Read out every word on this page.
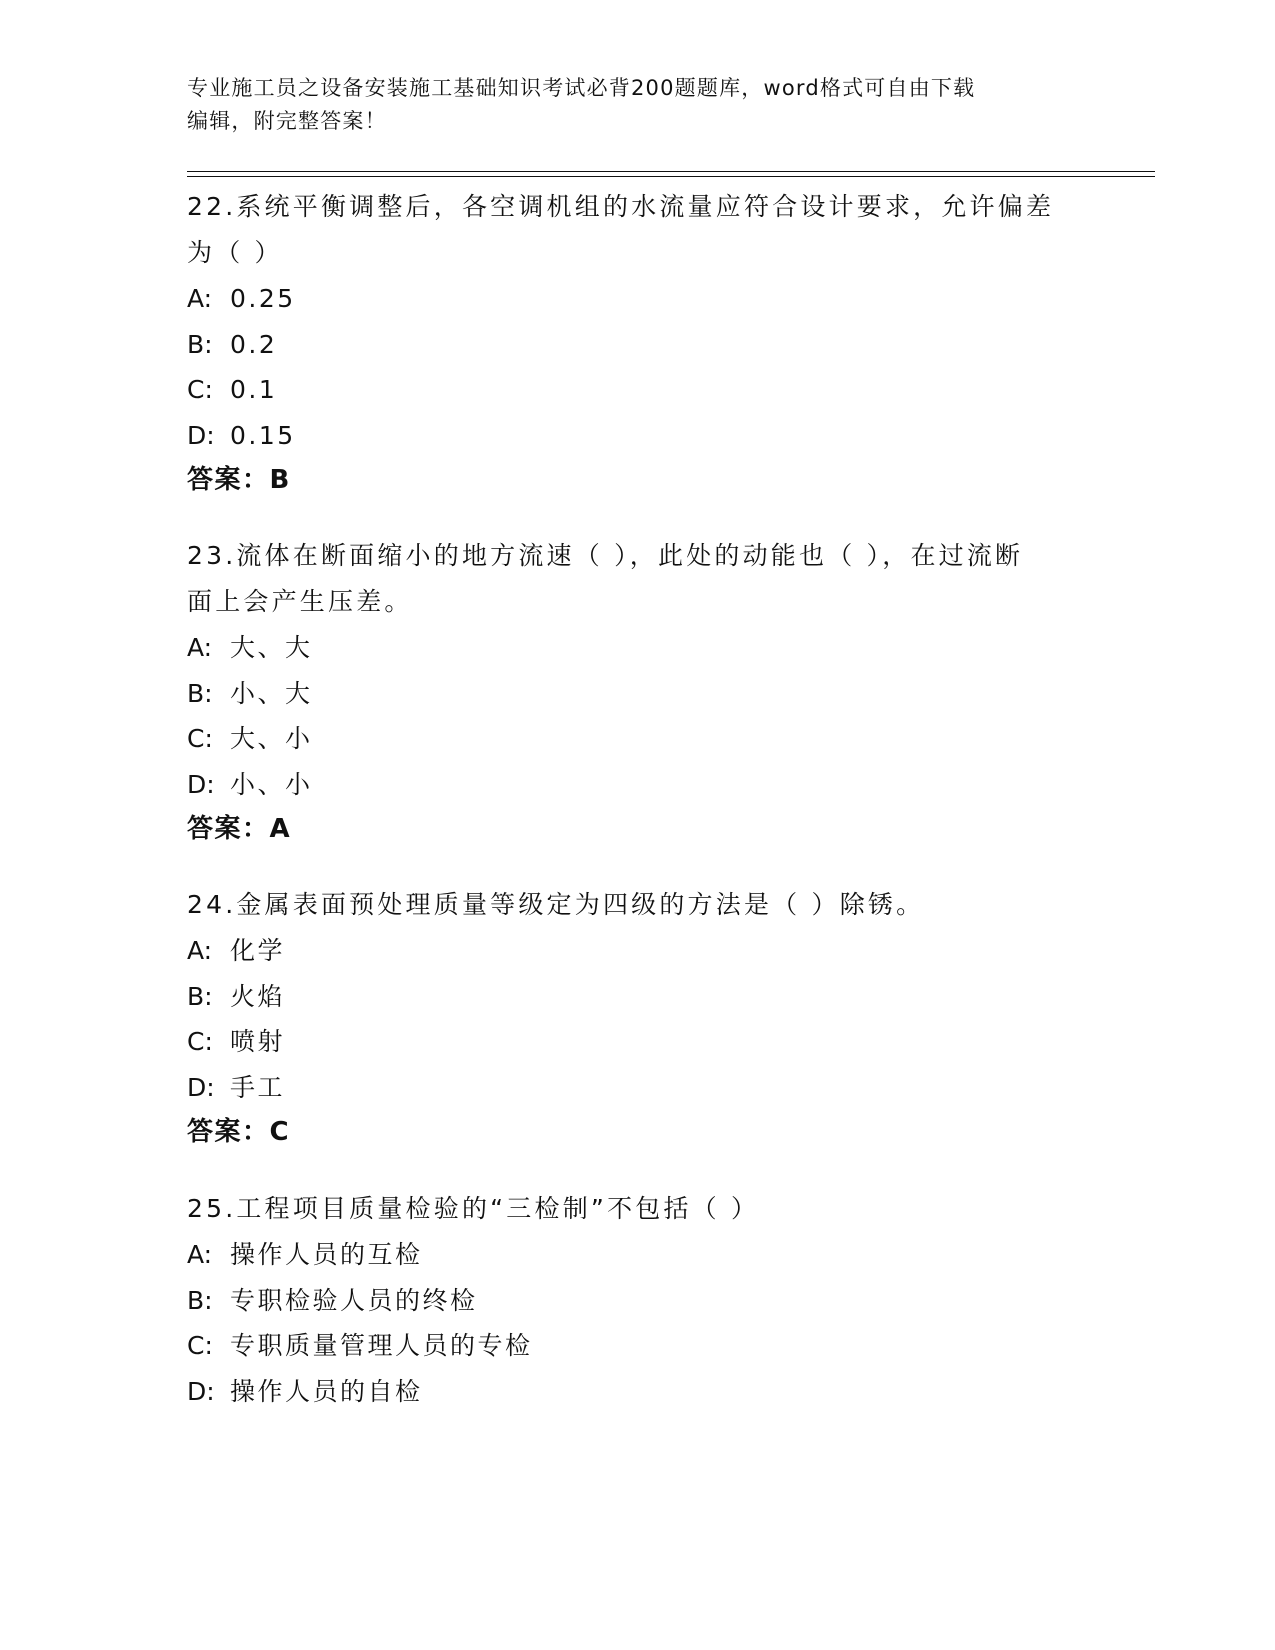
专业施工员之设备安装施工基础知识考试必背200题题库，word格式可自由下载
编辑，附完整答案！
22.系统平衡调整后，各空调机组的水流量应符合设计要求，允许偏差
为（ ）
A: 0.25
B: 0.2
C: 0.1
D: 0.15
答案：B
23.流体在断面缩小的地方流速（ ），此处的动能也（ ），在过流断
面上会产生压差。
A: 大、大
B: 小、大
C: 大、小
D: 小、小
答案：A
24.金属表面预处理质量等级定为四级的方法是（ ）除锈。
A: 化学
B: 火焰
C: 喷射
D: 手工
答案：C
25.工程项目质量检验的“三检制”不包括（ ）
A: 操作人员的互检
B: 专职检验人员的终检
C: 专职质量管理人员的专检
D: 操作人员的自检
